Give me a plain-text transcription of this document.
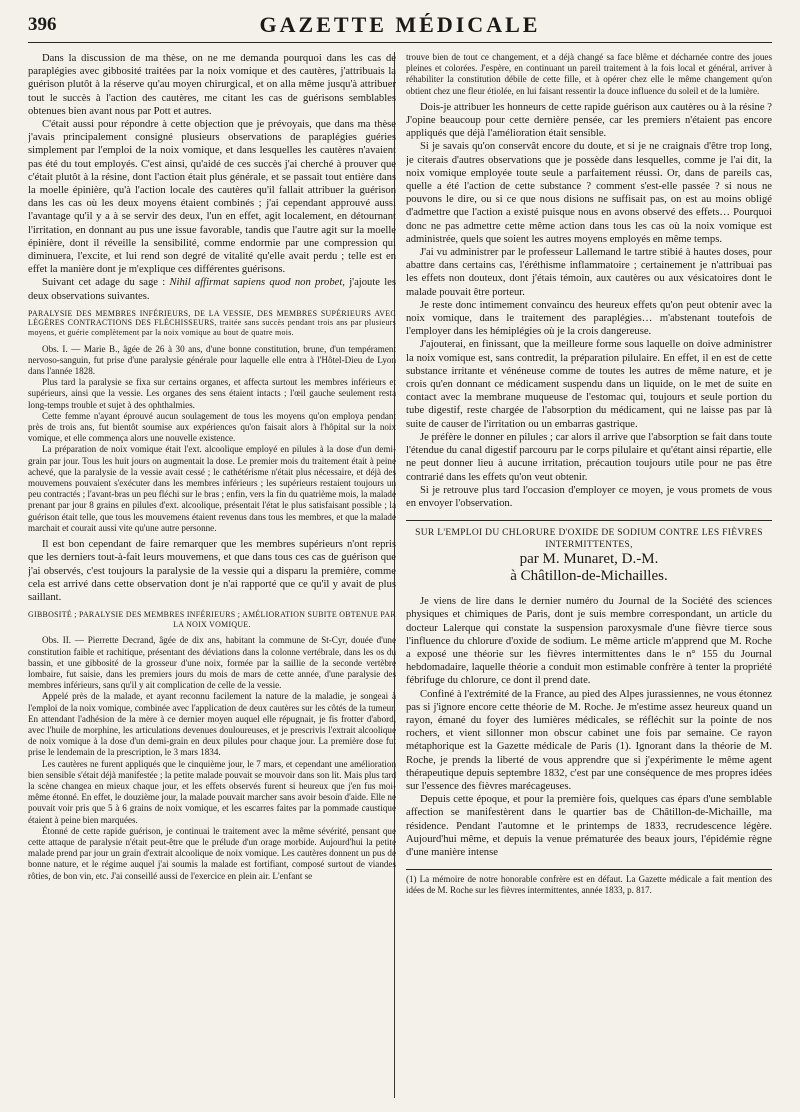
396	GAZETTE MÉDICALE

Dans la discussion de ma thèse, on ne me demanda pourquoi dans les cas de paraplégies avec gibbosité traitées par la noix vomique et des cautères, j'attribuais la guérison plutôt à la réserve qu'au moyen chirurgical, et on alla même jusqu'à attribuer tout le succès à l'action des cautères, me citant les cas de guérisons semblables obtenues bien avant nous par Pott et autres.

C'était aussi pour répondre à cette objection que je prévoyais, que dans ma thèse j'avais principalement consigné plusieurs observations de paraplégies guéries simplement par l'emploi de la noix vomique, et dans lesquelles les cautères n'avaient pas été du tout employés. C'est ainsi, qu'aidé de ces succès j'ai cherché à prouver que c'était plutôt à la résine, dont l'action était plus générale, et se passait tout entière dans la moelle épinière, qu'à l'action locale des cautères qu'il fallait attribuer la guérison dans les cas où les deux moyens étaient combinés ; j'ai cependant approuvé aussi l'avantage qu'il y a à se servir des deux, l'un en effet, agit localement, en détournant l'irritation, en donnant au pus une issue favorable, tandis que l'autre agit sur la moelle épinière, dont il réveille la sensibilité, comme endormie par une compression qui diminuera, l'excite, et lui rend son degré de vitalité qu'elle avait perdu ; telle est en effet la manière dont je m'explique ces différentes guérisons.

Suivant cet adage du sage : Nihil affirmat sapiens quod non probet, j'ajoute les deux observations suivantes.

PARALYSIE DES MEMBRES INFÉRIEURS, DE LA VESSIE, DES MEMBRES SUPÉRIEURS AVEC LÉGÈRES CONTRACTIONS DES FLÉCHISSEURS, traitée sans succès pendant trois ans par plusieurs moyens, et guérie complètement par la noix vomique au bout de quatre mois.

Obs. I. — Marie B., âgée de 26 à 30 ans, d'une bonne constitution, brune, d'un tempérament nervoso-sanguin, fut prise d'une paralysie générale pour laquelle elle entra à l'Hôtel-Dieu de Lyon dans l'année 1828.

Plus tard la paralysie se fixa sur certains organes, et affecta surtout les membres inférieurs et supérieurs, ainsi que la vessie. Les organes des sens étaient intacts ; l'œil gauche seulement resta long-temps trouble et sujet à des ophthalmies.

Cette femme n'ayant éprouvé aucun soulagement de tous les moyens qu'on employa pendant près de trois ans, fut bientôt soumise aux expériences qu'on faisait alors à l'hôpital sur la noix vomique, et elle commença alors une nouvelle existence.

La préparation de noix vomique était l'ext. alcoolique employé en pilules à la dose d'un demi-grain par jour. Tous les huit jours on augmentait la dose. Le premier mois du traitement était à peine achevé, que la paralysie de la vessie avait cessé ; le cathétérisme n'était plus nécessaire, et déjà des mouvemens pouvaient s'exécuter dans les membres inférieurs ; les supérieurs restaient toujours un peu contractés ; l'avant-bras un peu fléchi sur le bras ; enfin, vers la fin du quatrième mois, la malade prenant par jour 8 grains en pilules d'ext. alcoolique, présentait l'état le plus satisfaisant possible ; la guérison était telle, que tous les mouvemens étaient revenus dans tous les membres, et que la malade marchait et courait aussi vite qu'une autre personne.

Il est bon cependant de faire remarquer que les membres supérieurs n'ont repris que les derniers tout-à-fait leurs mouvemens, et que dans tous ces cas de guérison que j'ai observés, c'est toujours la paralysie de la vessie qui a disparu la première, comme cela est arrivé dans cette observation dont je n'ai rapporté que ce qu'il y avait de plus saillant.

GIBBOSITÉ ; PARALYSIE DES MEMBRES INFÉRIEURS ; AMÉLIORATION SUBITE OBTENUE PAR LA NOIX VOMIQUE.

Obs. II. — Pierrette Decrand, âgée de dix ans, habitant la commune de St-Cyr, douée d'une constitution faible et rachitique, présentant des déviations dans la colonne vertébrale, dans les os du bassin, et une gibbosité de la grosseur d'une noix, formée par la saillie de la seconde vertèbre lombaire, fut saisie, dans les premiers jours du mois de mars de cette année, d'une paralysie des membres inférieurs, sans qu'il y ait complication de celle de la vessie.

Appelé près de la malade, et ayant reconnu facilement la nature de la maladie, je songeai à l'emploi de la noix vomique, combinée avec l'application de deux cautères sur les côtés de la tumeur. En attendant l'adhésion de la mère à ce dernier moyen auquel elle répugnait, je fis frotter d'abord, avec l'huile de morphine, les articulations devenues douloureuses, et je prescrivis l'extrait alcoolique de noix vomique à la dose d'un demi-grain en deux pilules pour chaque jour. La première dose fut prise le lendemain de la prescription, le 3 mars 1834.

Les cautères ne furent appliqués que le cinquième jour, le 7 mars, et cependant une amélioration bien sensible s'était déjà manifestée ; la petite malade pouvait se mouvoir dans son lit. Mais plus tard la scène changea en mieux chaque jour, et les effets observés furent si heureux que j'en fus moi-même étonné. En effet, le douzième jour, la malade pouvait marcher sans avoir besoin d'aide. Elle ne pouvait voir pris que 5 à 6 grains de noix vomique, et les escarres faites par la pommade caustique étaient à peine bien marquées.

Étonné de cette rapide guérison, je continuai le traitement avec la même sévérité, pensant que cette attaque de paralysie n'était peut-être que le prélude d'un orage morbide. Aujourd'hui la petite malade prend par jour un grain d'extrait alcoolique de noix vomique. Les cautères donnent un pus de bonne nature, et le régime auquel j'ai soumis la malade est fortifiant, composé surtout de viandes rôties, de bon vin, etc. J'ai conseillé aussi de l'exercice en plein air. L'enfant se

trouve bien de tout ce changement, et a déjà changé sa face blême et décharnée contre des joues pleines et colorées. J'espère, en continuant un pareil traitement à la fois local et général, arriver à réhabiliter la constitution débile de cette fille, et à opérer chez elle le même changement qu'on obtient chez une fleur étiolée, en lui faisant ressentir la douce influence du soleil et de la lumière.

Dois-je attribuer les honneurs de cette rapide guérison aux cautères ou à la résine ? J'opine beaucoup pour cette dernière pensée, car les premiers n'étaient pas encore appliqués que déjà l'amélioration était sensible.

Si je savais qu'on conservât encore du doute, et si je ne craignais d'être trop long, je citerais d'autres observations que je possède dans lesquelles, comme je l'ai dit, la noix vomique employée toute seule a parfaitement réussi. Or, dans de pareils cas, quelle a été l'action de cette substance ? comment s'est-elle passée ? si nous ne pouvons le dire, ou si ce que nous disions ne suffisait pas, on est au moins obligé d'admettre que l'action a existé puisque nous en avons observé des effets… Pourquoi donc ne pas admettre cette même action dans tous les cas où la noix vomique est administrée, quels que soient les autres moyens employés en même temps.

J'ai vu administrer par le professeur Lallemand le tartre stibié à hautes doses, pour abattre dans certains cas, l'éréthisme inflammatoire ; certainement je n'attribuai pas les effets non douteux, dont j'étais témoin, aux cautères ou aux vésicatoires dont le malade pouvait être porteur.

Je reste donc intimement convaincu des heureux effets qu'on peut obtenir avec la noix vomique, dans le traitement des paraplégies… m'abstenant toutefois de l'employer dans les hémiplégies où je la crois dangereuse.

J'ajouterai, en finissant, que la meilleure forme sous laquelle on doive administrer la noix vomique est, sans contredit, la préparation pilulaire. En effet, il en est de cette substance irritante et vénéneuse comme de toutes les autres de même nature, et je crois qu'en donnant ce médicament suspendu dans un liquide, on le met de suite en contact avec la membrane muqueuse de l'estomac qui, toujours et seule portion du tube digestif, reste chargée de l'absorption du médicament, qui ne laisse pas par là suite de causer de l'irritation ou un embarras gastrique.

Je préfère le donner en pilules ; car alors il arrive que l'absorption se fait dans toute l'étendue du canal digestif parcouru par le corps pilulaire et qu'étant ainsi répartie, elle ne peut donner lieu à aucune irritation, précaution toujours utile pour ne pas être contrarié dans les effets qu'on veut obtenir.

Si je retrouve plus tard l'occasion d'employer ce moyen, je vous promets de vous en envoyer l'observation.

SUR L'EMPLOI DU CHLORURE D'OXIDE DE SODIUM CONTRE LES FIÈVRES INTERMITTENTES,
par M. Munaret, D.-M.
à Châtillon-de-Michailles.

Je viens de lire dans le dernier numéro du Journal de la Société des sciences physiques et chimiques de Paris, dont je suis membre correspondant, un article du docteur Lalerque qui constate la suspension paroxysmale d'une fièvre tierce sous l'influence du chlorure d'oxide de sodium. Le même article m'apprend que M. Roche a exposé une théorie sur les fièvres intermittentes dans le n° 155 du Journal hebdomadaire, laquelle théorie a conduit mon estimable confrère à tenter la propriété fébrifuge du chlorure, ce dont il prend date.

Confiné à l'extrémité de la France, au pied des Alpes jurassiennes, ne vous étonnez pas si j'ignore encore cette théorie de M. Roche. Je m'estime assez heureux quand un rayon, émané du foyer des lumières médicales, se réfléchit sur la pointe de nos rochers, et vient sillonner mon obscur cabinet une fois par semaine. Ce rayon métaphorique est la Gazette médicale de Paris (1). Ignorant dans la théorie de M. Roche, je prends la liberté de vous apprendre que si j'expérimente le même agent thérapeutique depuis septembre 1832, c'est par une conséquence de mes propres idées sur l'essence des fièvres marécageuses.

Depuis cette époque, et pour la première fois, quelques cas épars d'une semblable affection se manifestèrent dans le quartier bas de Châtillon-de-Michaille, ma résidence. Pendant l'automne et le printemps de 1833, recrudescence légère. Aujourd'hui même, et depuis la venue prématurée des beaux jours, l'épidémie règne d'une manière intense

(1) La mémoire de notre honorable confrère est en défaut. La Gazette médicale a fait mention des idées de M. Roche sur les fièvres intermittentes, année 1833, p. 817.
